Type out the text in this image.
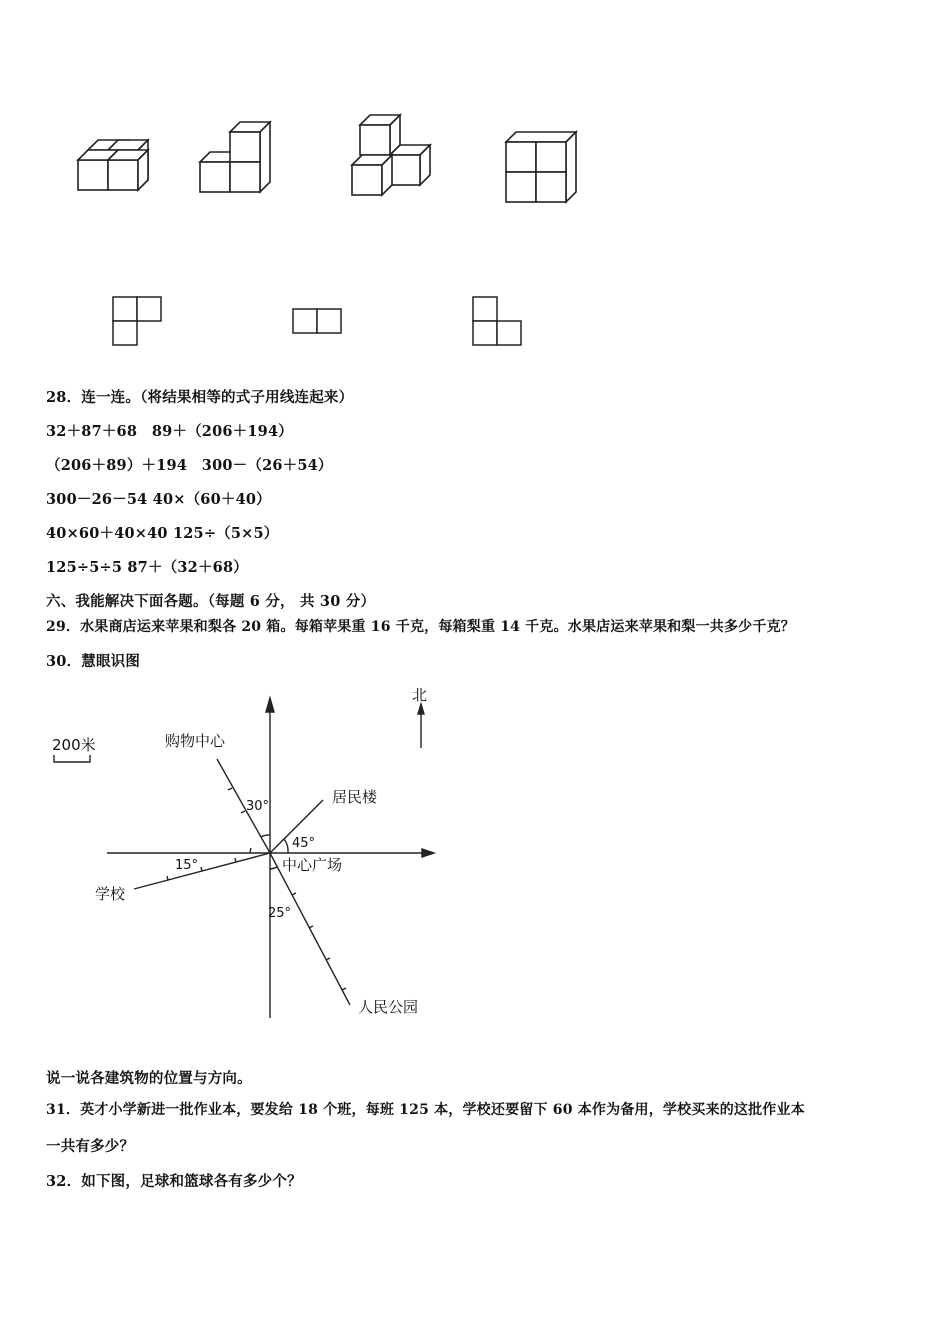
28．连一连。（将结果相等的式子用线连起来）
32＋87＋68　89＋（206＋194）
（206＋89）＋194　300－（26＋54）
300－26－54 40×（60＋40）
40×60＋40×40 125÷（5×5）
125÷5÷5 87＋（32＋68）
六、我能解决下面各题。（每题 6 分， 共 30 分）
29．水果商店运来苹果和梨各 20 箱。每箱苹果重 16 千克，每箱梨重 14 千克。水果店运来苹果和梨一共多少千克？
30．慧眼识图
北
200米	购物中心
居民楼
学校
人民公园
中心广场
30°
45°
15°
25°
说一说各建筑物的位置与方向。
31．英才小学新进一批作业本，要发给 18 个班，每班 125 本，学校还要留下 60 本作为备用，学校买来的这批作业本
一共有多少？
32．如下图，足球和篮球各有多少个？
